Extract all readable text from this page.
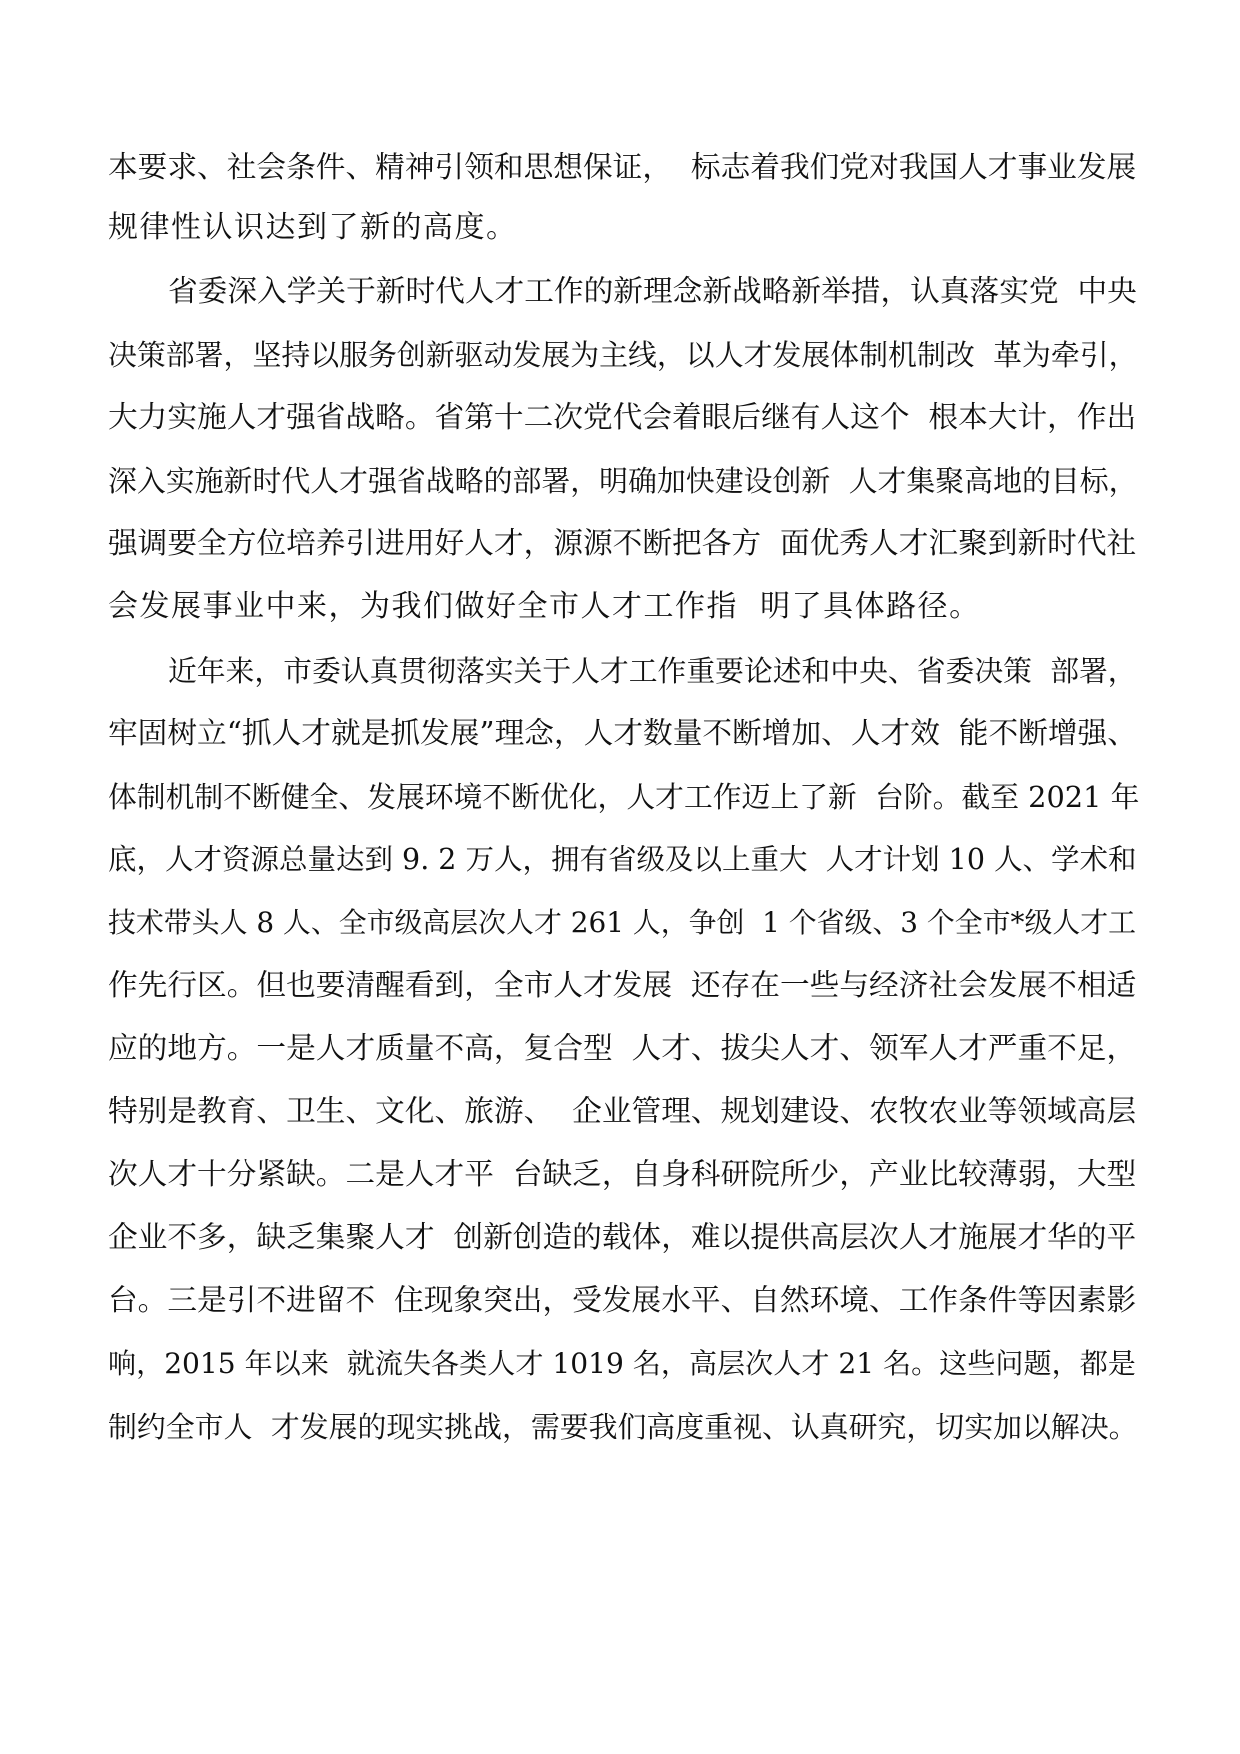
本要求、社会条件、精神引领和思想保证，  标志着我们党对我国人才事业发展
规律性认识达到了新的高度。
省委深入学关于新时代人才工作的新理念新战略新举措，认真落实党  中央
决策部署，坚持以服务创新驱动发展为主线，以人才发展体制机制改  革为牵引，
大力实施人才强省战略。省第十二次党代会着眼后继有人这个  根本大计，作出
深入实施新时代人才强省战略的部署，明确加快建设创新  人才集聚高地的目标，
强调要全方位培养引进用好人才，源源不断把各方  面优秀人才汇聚到新时代社
会发展事业中来，为我们做好全市人才工作指  明了具体路径。
近年来，市委认真贯彻落实关于人才工作重要论述和中央、省委决策  部署，
牢固树立“抓人才就是抓发展”理念，人才数量不断增加、人才效  能不断增强、
体制机制不断健全、发展环境不断优化，人才工作迈上了新  台阶。截至 2021 年
底，人才资源总量达到 9. 2 万人，拥有省级及以上重大  人才计划 10 人、学术和
技术带头人 8 人、全市级高层次人才 261 人，争创  1 个省级、3 个全市*级人才工
作先行区。但也要清醒看到，全市人才发展  还存在一些与经济社会发展不相适
应的地方。一是人才质量不高，复合型  人才、拔尖人才、领军人才严重不足，
特别是教育、卫生、文化、旅游、  企业管理、规划建设、农牧农业等领域高层
次人才十分紧缺。二是人才平  台缺乏，自身科研院所少，产业比较薄弱，大型
企业不多，缺乏集聚人才  创新创造的载体，难以提供高层次人才施展才华的平
台。三是引不进留不  住现象突出，受发展水平、自然环境、工作条件等因素影
响，2015 年以来  就流失各类人才 1019 名，高层次人才 21 名。这些问题，都是
制约全市人  才发展的现实挑战，需要我们高度重视、认真研究，切实加以解决。
